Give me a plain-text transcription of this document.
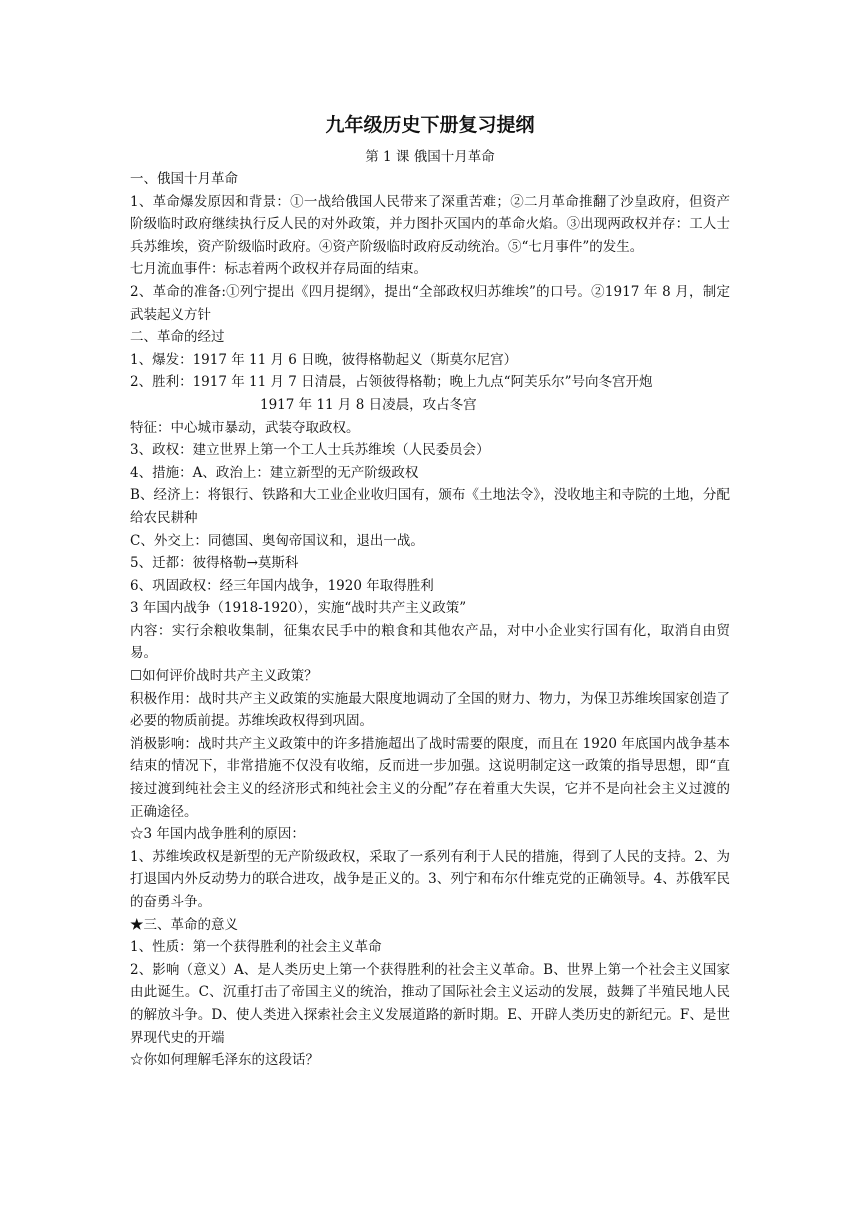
九年级历史下册复习提纲
第 1 课 俄国十月革命

一、俄国十月革命

1、革命爆发原因和背景：①一战给俄国人民带来了深重苦难；②二月革命推翻了沙皇政府，但资产阶级临时政府继续执行反人民的对外政策，并力图扑灭国内的革命火焰。③出现两政权并存：工人士兵苏维埃，资产阶级临时政府。④资产阶级临时政府反动统治。⑤“七月事件”的发生。

七月流血事件：标志着两个政权并存局面的结束。

2、革命的准备:①列宁提出《四月提纲》，提出“全部政权归苏维埃”的口号。②1917 年 8 月，制定武装起义方针

二、革命的经过

1、爆发：1917 年 11 月 6 日晚，彼得格勒起义（斯莫尔尼宫）

2、胜利：1917 年 11 月 7 日清晨，占领彼得格勒；晚上九点“阿芙乐尔”号向冬宫开炮

1917 年 11 月 8 日凌晨，攻占冬宫

特征：中心城市暴动，武装夺取政权。

3、政权：建立世界上第一个工人士兵苏维埃（人民委员会）

4、措施：A、政治上：建立新型的无产阶级政权

B、经济上：将银行、铁路和大工业企业收归国有，颁布《土地法令》，没收地主和寺院的土地，分配给农民耕种

C、外交上：同德国、奥匈帝国议和，退出一战。

5、迁都：彼得格勒→莫斯科

6、巩固政权：经三年国内战争，1920 年取得胜利

3 年国内战争（1918-1920），实施“战时共产主义政策”

内容：实行余粮收集制，征集农民手中的粮食和其他农产品，对中小企业实行国有化，取消自由贸易。

☐如何评价战时共产主义政策？

积极作用：战时共产主义政策的实施最大限度地调动了全国的财力、物力，为保卫苏维埃国家创造了必要的物质前提。苏维埃政权得到巩固。

消极影响：战时共产主义政策中的许多措施超出了战时需要的限度，而且在 1920 年底国内战争基本结束的情况下，非常措施不仅没有收缩，反而进一步加强。这说明制定这一政策的指导思想，即“直接过渡到纯社会主义的经济形式和纯社会主义的分配”存在着重大失误，它并不是向社会主义过渡的正确途径。

☆3 年国内战争胜利的原因：

1、苏维埃政权是新型的无产阶级政权，采取了一系列有利于人民的措施，得到了人民的支持。2、为打退国内外反动势力的联合进攻，战争是正义的。3、列宁和布尔什维克党的正确领导。4、苏俄军民的奋勇斗争。

★三、革命的意义

1、性质：第一个获得胜利的社会主义革命

2、影响（意义）A、是人类历史上第一个获得胜利的社会主义革命。B、世界上第一个社会主义国家由此诞生。C、沉重打击了帝国主义的统治，推动了国际社会主义运动的发展，鼓舞了半殖民地人民的解放斗争。D、使人类进入探索社会主义发展道路的新时期。E、开辟人类历史的新纪元。F、是世界现代史的开端

☆你如何理解毛泽东的这段话？
